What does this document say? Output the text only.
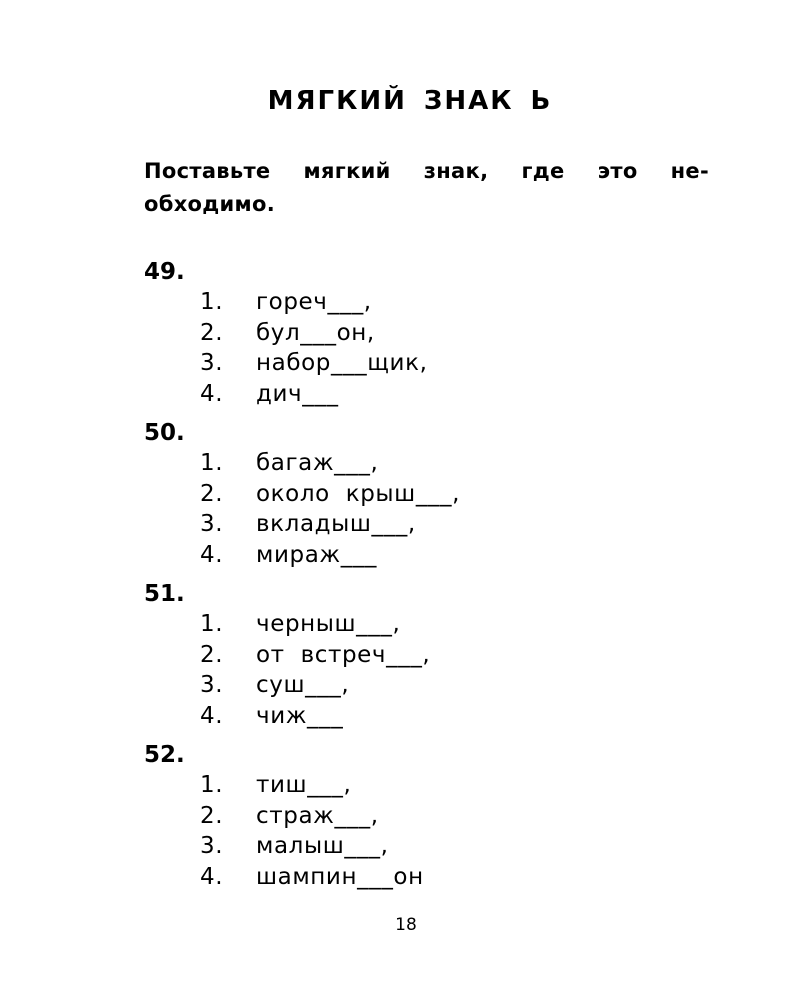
МЯГКИЙ ЗНАК Ь
Поставьте мягкий знак, где это не-
обходимо.
49.
1.	гореч___,
2.	бул___он,
3.	набор___щик,
4.	дич___
50.
1.	багаж___,
2.	около крыш___,
3.	вкладыш___,
4.	мираж___
51.
1.	черныш___,
2.	от встреч___,
3.	суш___,
4.	чиж___
52.
1.	тиш___,
2.	страж___,
3.	малыш___,
4.	шампин___он
18
